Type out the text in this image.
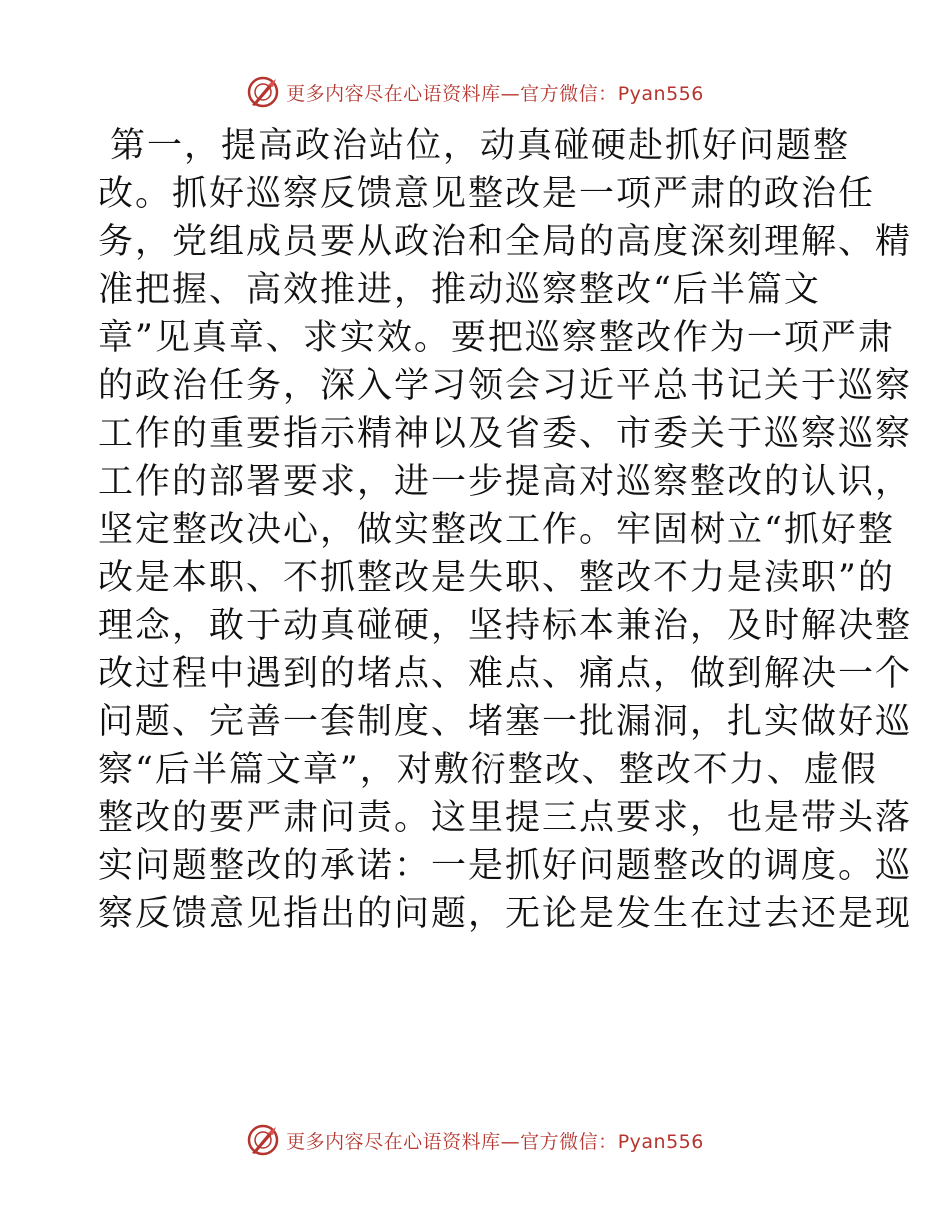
更多内容尽在心语资料库—官方微信：Pyan556
第一，提高政治站位，动真碰硬赴抓好问题整
改。抓好巡察反馈意见整改是一项严肃的政治任
务，党组成员要从政治和全局的高度深刻理解、精
准把握、高效推进，推动巡察整改“后半篇文
章”见真章、求实效。要把巡察整改作为一项严肃
的政治任务，深入学习领会习近平总书记关于巡察
工作的重要指示精神以及省委、市委关于巡察巡察
工作的部署要求，进一步提高对巡察整改的认识，
坚定整改决心，做实整改工作。牢固树立“抓好整
改是本职、不抓整改是失职、整改不力是渎职”的
理念，敢于动真碰硬，坚持标本兼治，及时解决整
改过程中遇到的堵点、难点、痛点，做到解决一个
问题、完善一套制度、堵塞一批漏洞，扎实做好巡
察“后半篇文章”，对敷衍整改、整改不力、虚假
整改的要严肃问责。这里提三点要求，也是带头落
实问题整改的承诺：一是抓好问题整改的调度。巡
察反馈意见指出的问题，无论是发生在过去还是现
更多内容尽在心语资料库—官方微信：Pyan556
